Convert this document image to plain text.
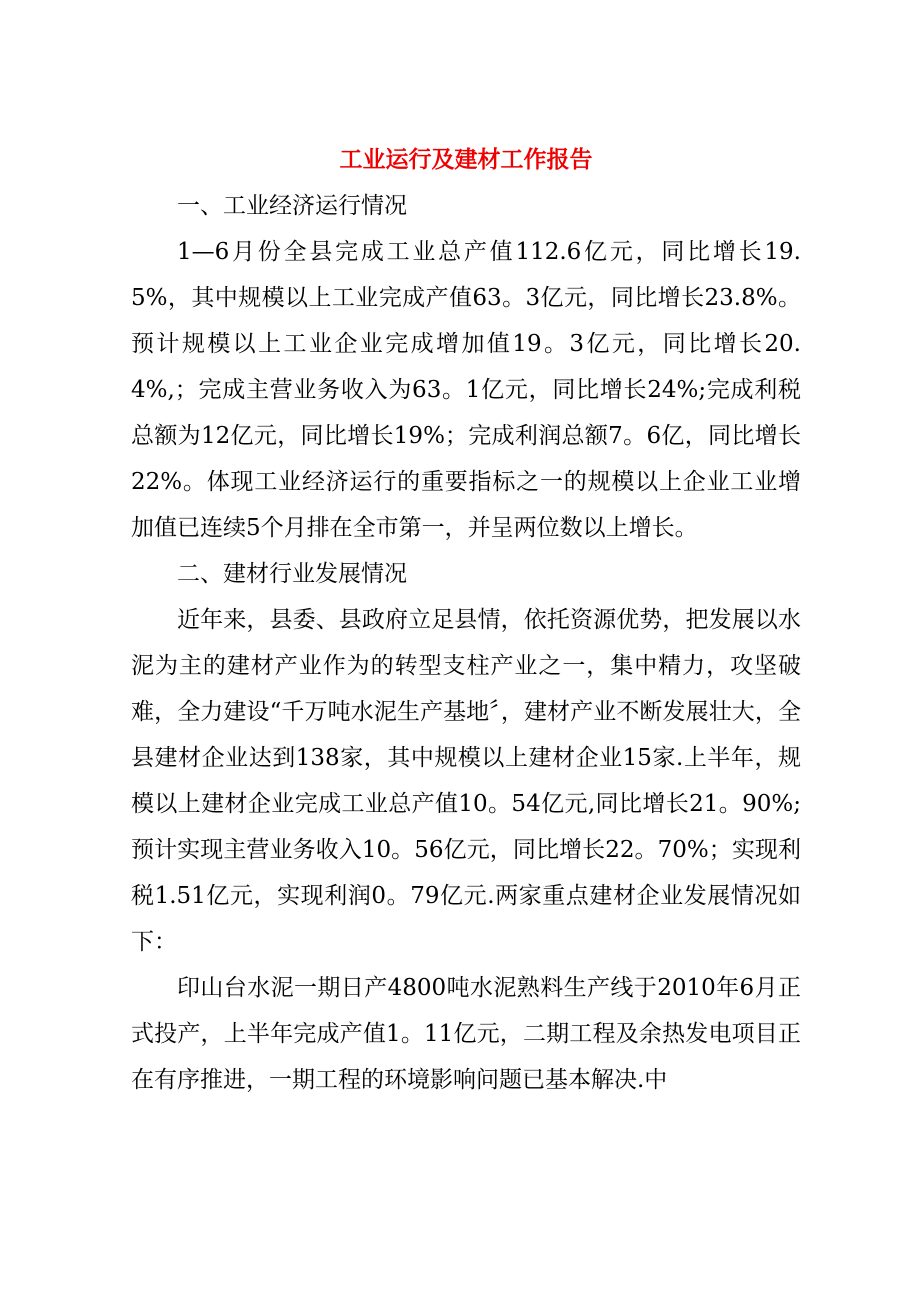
工业运行及建材工作报告
一、工业经济运行情况

1—6月份全县完成工业总产值112.6亿元，同比增长19.5%，其中规模以上工业完成产值63。3亿元，同比增长23.8%。预计规模以上工业企业完成增加值19。3亿元，同比增长20.4%,；完成主营业务收入为63。1亿元，同比增长24%;完成利税总额为12亿元，同比增长19%；完成利润总额7。6亿，同比增长22%。体现工业经济运行的重要指标之一的规模以上企业工业增加值已连续5个月排在全市第一，并呈两位数以上增长。

二、建材行业发展情况

近年来，县委、县政府立足县情，依托资源优势，把发展以水泥为主的建材产业作为的转型支柱产业之一，集中精力，攻坚破难，全力建设“千万吨水泥生产基地〞，建材产业不断发展壮大，全县建材企业达到138家，其中规模以上建材企业15家.上半年，规模以上建材企业完成工业总产值10。54亿元,同比增长21。90%;预计实现主营业务收入10。56亿元，同比增长22。70%；实现利税1.51亿元，实现利润0。79亿元.两家重点建材企业发展情况如下：

印山台水泥一期日产4800吨水泥熟料生产线于2010年6月正式投产，上半年完成产值1。11亿元，二期工程及余热发电项目正在有序推进，一期工程的环境影响问题已基本解决.中
